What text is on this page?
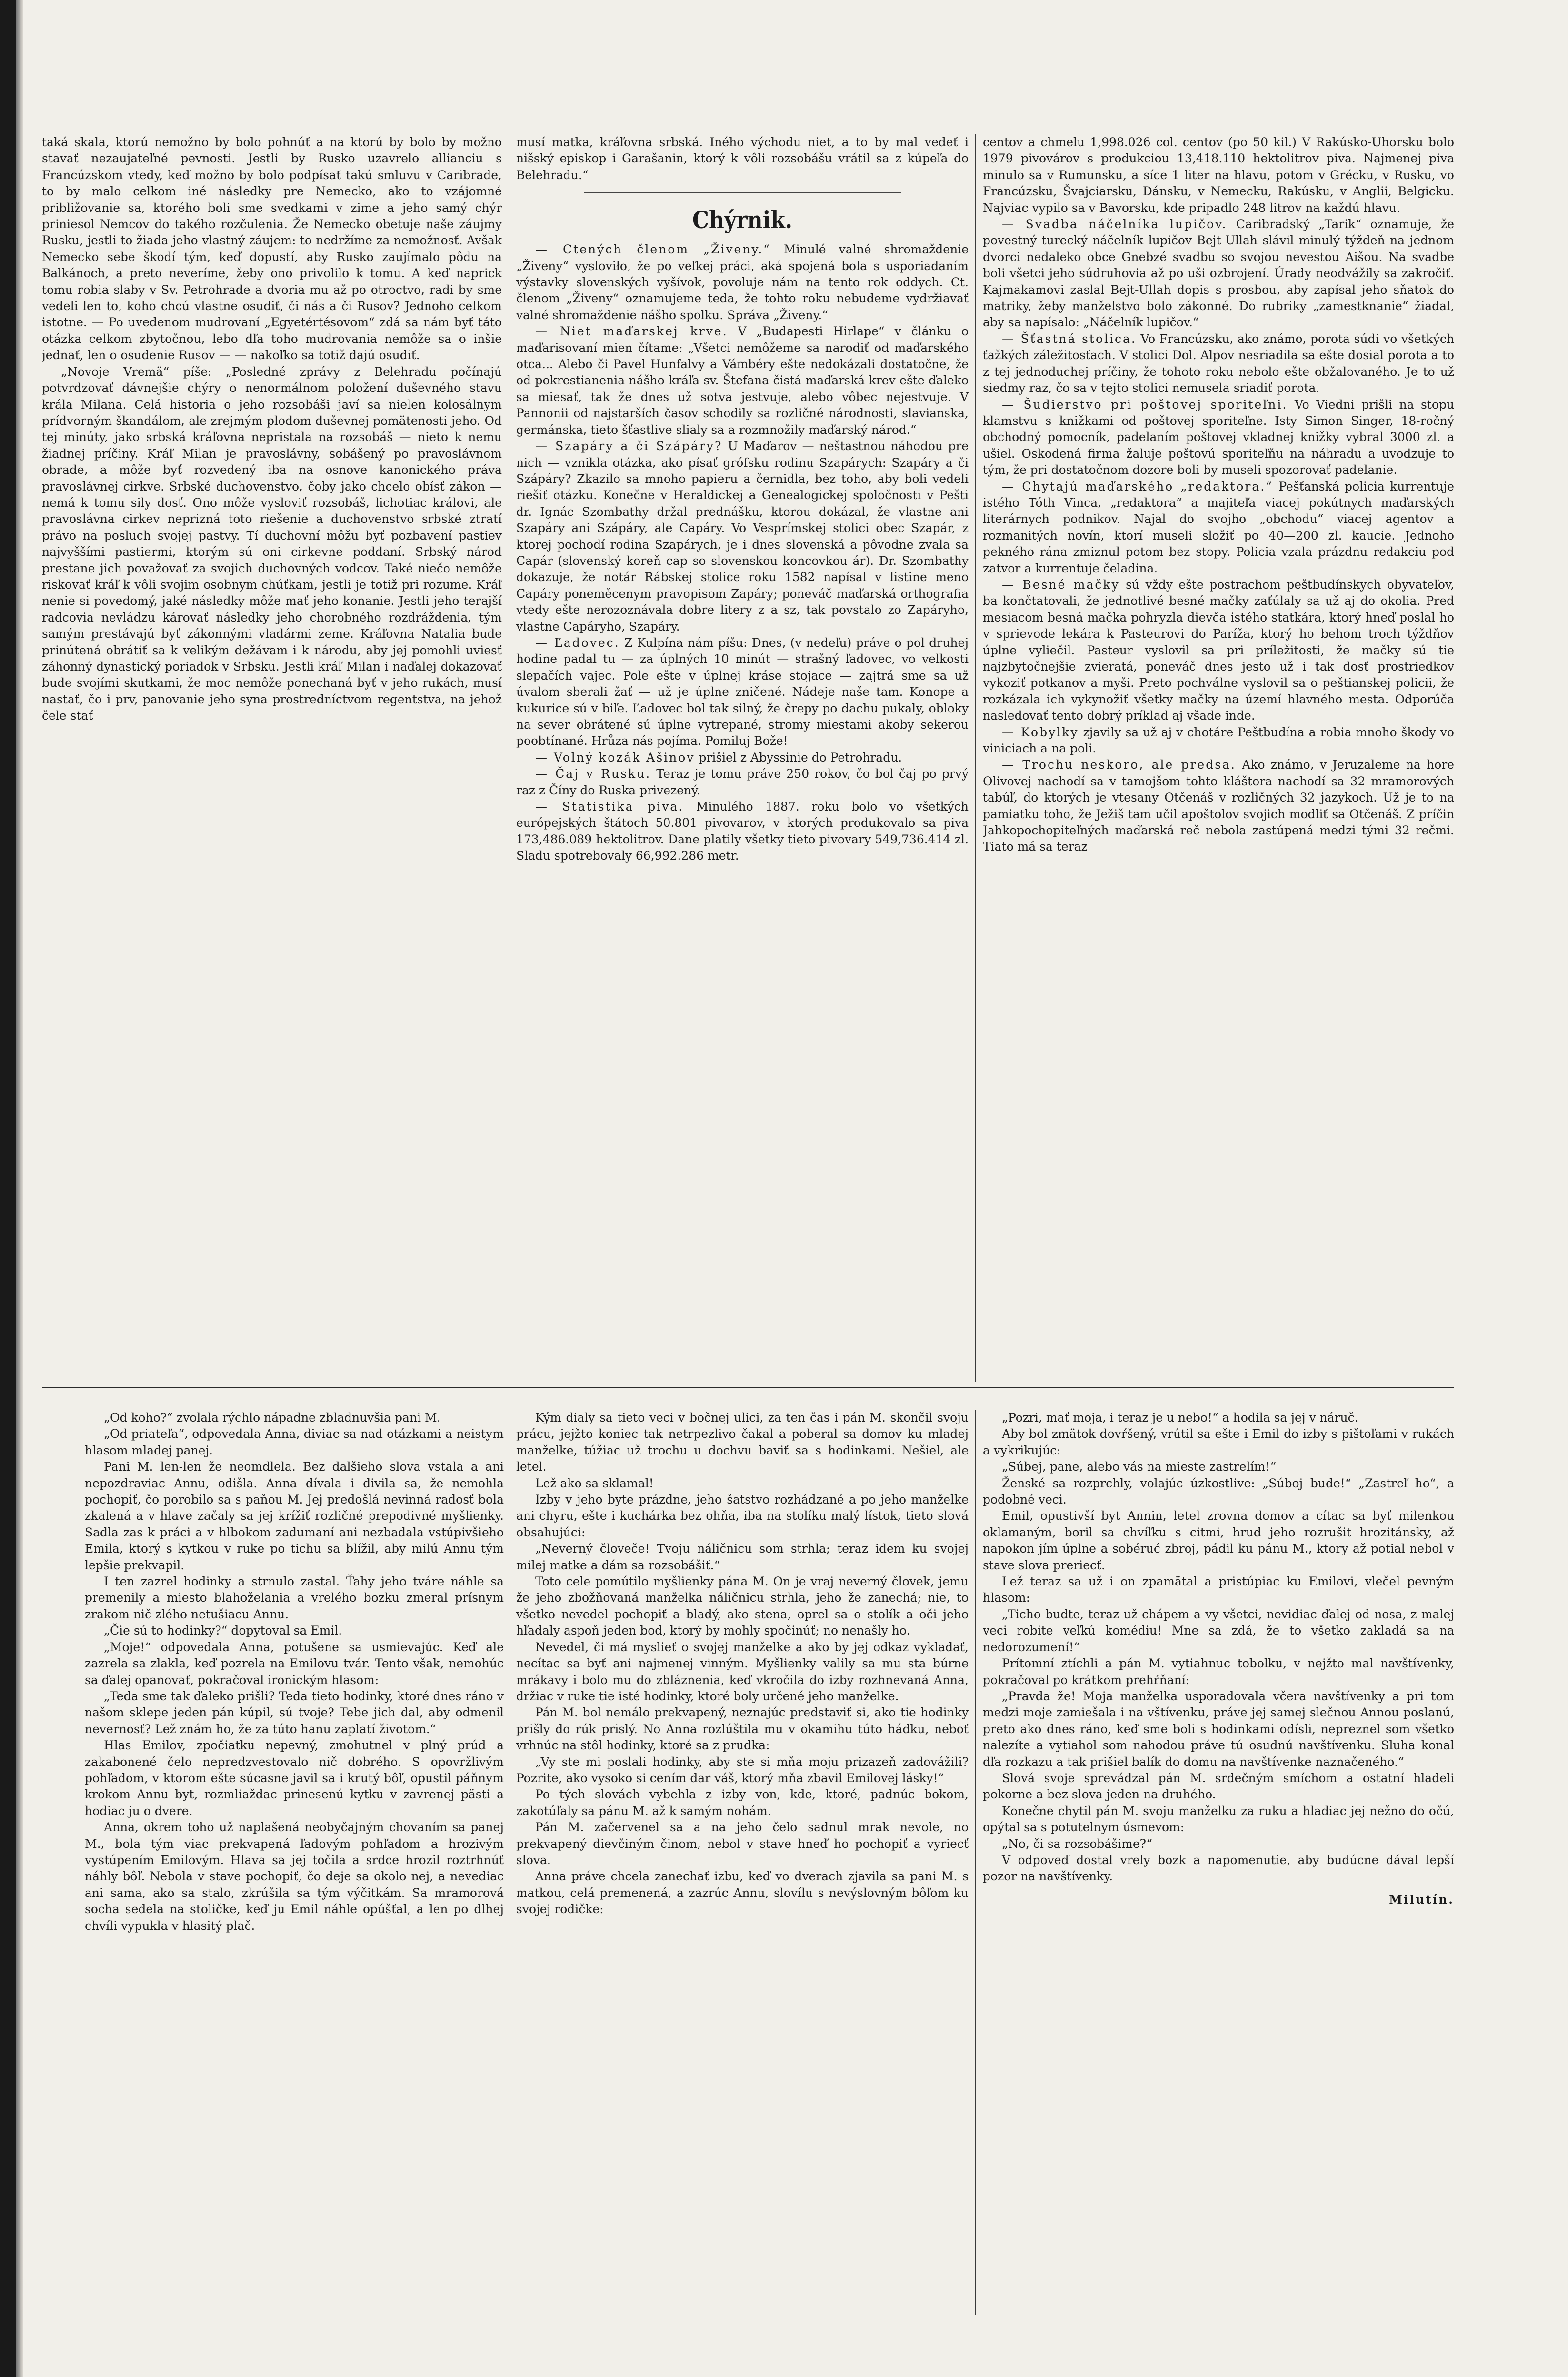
taká skala, ktorú nemožno by bolo pohnúť a na ktorú by bolo by možno stavať nezaujateľné pevnosti. Jestli by Rusko uzavrelo allianciu s Francúzskom vtedy, keď možno by bolo podpísať takú smluvu v Caribrade, to by malo celkom iné následky pre Nemecko, ako to vzájomné približovanie sa, ktorého boli sme svedkami v zime a jeho samý chýr priniesol Nemcov do takého rozčulenia. Že Nemecko obetuje naše záujmy Rusku, jestli to žiada jeho vlastný záujem: to nedržíme za nemožnosť. Avšak Nemecko sebe škodí tým, keď dopustí, aby Rusko zaujímalo pôdu na Balkánoch, a preto neveríme, žeby ono privolilo k tomu. A keď naprick tomu robia slaby v Sv. Petrohrade a dvoria mu až po otroctvo, radi by sme vedeli len to, koho chcú vlastne osudiť, či nás a či Rusov? Jednoho celkom istotne. — Po uvedenom mudrovaní „Egyetértésovom“ zdá sa nám byť táto otázka celkom zbytočnou, lebo dľa toho mudrovania nemôže sa o inšie jednať, len o osudenie Rusov — — nakoľko sa totiž dajú osudiť.

„Novoje Vremä“ píše: „Posledné zprávy z Belehradu počínajú potvrdzovať dávnejšie chýry o nenormálnom položení duševného stavu krála Milana. Celá historia o jeho rozsobáši javí sa nielen kolosálnym prídvorným škandálom, ale zrejmým plodom duševnej pomätenosti jeho. Od tej minúty, jako srbská kráľovna nepristala na rozsobáš — nieto k nemu žiadnej príčiny. Kráľ Milan je pravoslávny, sobášený po pravoslávnom obrade, a môže byť rozvedený iba na osnove kanonického práva pravoslávnej cirkve. Srbské duchovenstvo, čoby jako chcelo obísť zákon — nemá k tomu sily dosť. Ono môže vysloviť rozsobáš, lichotiac královi, ale pravoslávna cirkev neprizná toto riešenie a duchovenstvo srbské ztratí právo na posluch svojej pastvy. Tí duchovní môžu byť pozbavení pastiev najvyššími pastiermi, ktorým sú oni cirkevne poddaní. Srbský národ prestane jich považovať za svojich duchovných vodcov. Také niečo nemôže riskovať kráľ k vôli svojim osobnym chúťkam, jestli je totiž pri rozume. Kráľ nenie si povedomý, jaké následky môže mať jeho konanie. Jestli jeho terajší radcovia nevládzu károvať následky jeho chorobného rozdráždenia, tým samým prestávajú byť zákonnými vladármi zeme. Kráľovna Natalia bude prinútená obrátiť sa k velikým dežávam i k národu, aby jej pomohli uviesť záhonný dynastický poriadok v Srbsku. Jestli kráľ Milan i naďalej dokazovať bude svojími skutkami, že moc nemôže ponechaná byť v jeho rukách, musí nastať, čo i prv, panovanie jeho syna prostredníctvom regentstva, na jehož čele stať

musí matka, kráľovna srbská. Iného východu niet, a to by mal vedeť i nišský episkop i Garašanin, ktorý k vôli rozsobášu vrátil sa z kúpeľa do Belehradu.“

Chýrnik.

— Ctených členom „Živeny.“ Minulé valné shromaždenie „Živeny“ vysloviło, že po veľkej práci, aká spojená bola s usporiadaním výstavky slovenských vyšívok, povoluje nám na tento rok oddych. Ct. členom „Živeny“ oznamujeme teda, že tohto roku nebudeme vydržiavať valné shromaždenie nášho spolku. Správa „Živeny.“

— Niet maďarskej krve. V „Budapesti Hirlape“ v článku o maďarisovaní mien čítame: „Všetci nemôžeme sa narodiť od maďarského otca... Alebo či Pavel Hunfalvy a Vámbéry ešte nedokázali dostatočne, že od pokrestianenia nášho kráľa sv. Štefana čistá maďarská krev ešte ďaleko sa miesať, tak že dnes už sotva jestvuje, alebo vôbec nejestvuje. V Pannonii od najstarších časov schodily sa rozličné národnosti, slavianska, germánska, tieto šťastlive slialy sa a rozmnožily maďarský národ.“

— Szapáry a či Szápáry? U Maďarov — neštastnou náhodou pre nich — vznikla otázka, ako písať grófsku rodinu Szapárych: Szapáry a či Szápáry? Zkazilo sa mnoho papieru a černidla, bez toho, aby boli vedeli riešiť otázku. Konečne v Heraldickej a Genealogickej spoločnosti v Pešti dr. Ignác Szombathy držal prednášku, ktorou dokázal, že vlastne ani Szapáry ani Szápáry, ale Capáry. Vo Vesprímskej stolici obec Szapár, z ktorej pochodí rodina Szapárych, je i dnes slovenská a pôvodne zvala sa Capár (slovenský koreň cap so slovenskou koncovkou ár). Dr. Szombathy dokazuje, že notár Rábskej stolice roku 1582 napísal v listine meno Capáry poneměcenym pravopisom Zapáry; poneváč maďarská orthografia vtedy ešte nerozoznávala dobre litery z a sz, tak povstalo zo Zapáryho, vlastne Capáryho, Szapáry.

— Ľadovec. Z Kulpína nám píšu: Dnes, (v nedeľu) práve o pol druhej hodine padal tu — za úplných 10 minút — strašný ľadovec, vo velkosti slepačích vajec. Pole ešte v úplnej kráse stojace — zajtrá sme sa už úvalom sberali žať — už je úplne zničené. Nádeje naše tam. Konope a kukurice sú v biľe. Ľadovec bol tak silný, že črepy po dachu pukaly, obloky na sever obrátené sú úplne vytrepané, stromy miestami akoby sekerou poobtínané. Hrůza nás pojíma. Pomiluj Bože!

— Volný kozák Ašinov prišiel z Abyssinie do Petrohradu.

— Čaj v Rusku. Teraz je tomu práve 250 rokov, čo bol čaj po prvý raz z Číny do Ruska privezený.

— Statistika piva. Minulého 1887. roku bolo vo všetkých európejských štátoch 50.801 pivovarov, v ktorých produkovalo sa piva 173,486.089 hektolitrov. Dane platily všetky tieto pivovary 549,736.414 zl. Sladu spotrebovaly 66,992.286 metr.

centov a chmelu 1,998.026 col. centov (po 50 kil.) V Rakúsko-Uhorsku bolo 1979 pivovárov s produkciou 13,418.110 hektolitrov piva. Najmenej piva minulo sa v Rumunsku, a síce 1 liter na hlavu, potom v Grécku, v Rusku, vo Francúzsku, Švajciarsku, Dánsku, v Nemecku, Rakúsku, v Anglii, Belgicku. Najviac vypilo sa v Bavorsku, kde pripadlo 248 litrov na každú hlavu.

— Svadba náčelníka lupičov. Caribradský „Tarik“ oznamuje, že povestný turecký náčelník lupičov Bejt-Ullah slávil minulý týždeň na jednom dvorci nedaleko obce Gnebzé svadbu so svojou nevestou Aišou. Na svadbe boli všetci jeho súdruhovia až po uši ozbrojení. Úrady neodvážily sa zakročiť. Kajmakamovi zaslal Bejt-Ullah dopis s prosbou, aby zapísal jeho sňatok do matriky, žeby manželstvo bolo zákonné. Do rubriky „zamestknanie“ žiadal, aby sa napísalo: „Náčelník lupičov.“

— Šťastná stolica. Vo Francúzsku, ako známo, porota súdi vo všetkých ťažkých záležitosťach. V stolici Dol. Alpov nesriadila sa ešte dosial porota a to z tej jednoduchej príčiny, že tohoto roku nebolo ešte obžalovaného. Je to už siedmy raz, čo sa v tejto stolici nemusela sriadiť porota.

— Šudierstvo pri poštovej sporiteľni. Vo Viedni prišli na stopu klamstvu s knižkami od poštovej sporiteľne. Isty Simon Singer, 18-ročný obchodný pomocník, padelaním poštovej vkladnej knižky vybral 3000 zl. a ušiel. Oskodená firma žaluje poštovú sporiteľňu na náhradu a uvodzuje to tým, že pri dostatočnom dozore boli by museli spozorovať padelanie.

— Chytajú maďarského „redaktora.“ Pešťanská policia kurrentuje istého Tóth Vinca, „redaktora“ a majiteľa viacej pokútnych maďarských literárnych podnikov. Najal do svojho „obchodu“ viacej agentov a rozmanitých novín, ktorí museli složiť po 40—200 zl. kaucie. Jednoho pekného rána zmiznul potom bez stopy. Policia vzala prázdnu redakciu pod zatvor a kurrentuje čeladina.

— Besné mačky sú vždy ešte postrachom peštbudínskych obyvateľov, ba končtatovali, že jednotlivé besné mačky zaťúlaly sa už aj do okolia. Pred mesiacom besná mačka pohryzla dievča istého statkára, ktorý hneď poslal ho v sprievode lekára k Pasteurovi do Paríža, ktorý ho behom troch týždňov úplne vyliečil. Pasteur vyslovil sa pri príležitosti, že mačky sú tie najzbytočnejšie zvieratá, poneváč dnes jesto už i tak dosť prostriedkov vykoziť potkanov a myši. Preto pochválne vyslovil sa o peštianskej policii, že rozkázala ich vykynožiť všetky mačky na území hlavného mesta. Odporúča nasledovať tento dobrý príklad aj všade inde.

— Kobylky zjavily sa už aj v chotáre Peštbudína a robia mnoho škody vo viniciach a na poli.

— Trochu neskoro, ale predsa. Ako známo, v Jeruzaleme na hore Olivovej nachodí sa v tamojšom tohto kláštora nachodí sa 32 mramorových tabúľ, do ktorých je vtesany Otčenáš v rozličných 32 jazykoch. Už je to na pamiatku toho, že Ježiš tam učil apoštolov svojich modliť sa Otčenáš. Z príčin Jahkopochopiteľných maďarská reč nebola zastúpená medzi tými 32 rečmi. Tiato má sa teraz

„Od koho?“ zvolala rýchlo nápadne zbladnuvšia pani M.

„Od priateľa“, odpovedala Anna, diviac sa nad otázkami a neistym hlasom mladej panej.

Pani M. len-len že neomdlela. Bez dalšieho slova vstala a ani nepozdraviac Annu, odišla. Anna dívala i divila sa, že nemohla pochopiť, čo porobilo sa s paňou M. Jej predošlá nevinná radosť bola zkalená a v hlave začaly sa jej krížiť rozličné prepodivné myšlienky. Sadla zas k práci a v hlbokom zadumaní ani nezbadala vstúpivšieho Emila, ktorý s kytkou v ruke po tichu sa blížil, aby milú Annu tým lepšie prekvapil.

I ten zazrel hodinky a strnulo zastal. Ťahy jeho tváre náhle sa premenily a miesto blahoželania a vrelého bozku zmeral prísnym zrakom nič zlého netušiacu Annu.

„Čie sú to hodinky?“ dopytoval sa Emil.

„Moje!“ odpovedala Anna, potušene sa usmievajúc. Keď ale zazrela sa zlakla, keď pozrela na Emilovu tvár. Tento však, nemohúc sa ďalej opanovať, pokračoval ironickým hlasom:

„Teda sme tak ďaleko prišli? Teda tieto hodinky, ktoré dnes ráno v našom sklepe jeden pán kúpil, sú tvoje? Tebe jich dal, aby odmenil nevernosť? Lež znám ho, že za túto hanu zaplatí životom.“

Hlas Emilov, zpočiatku nepevný, zmohutnel v plný prúd a zakabonené čelo nepredzvestovalo nič dobrého. S opovržlivým pohľadom, v ktorom ešte súcasne javil sa i krutý bôľ, opustil páňnym krokom Annu byt, rozmliaždac prinesenú kytku v zavrenej pästi a hodiac ju o dvere.

Anna, okrem toho už naplašená neobyčajným chovaním sa panej M., bola tým viac prekvapená ľadovým pohľadom a hrozivým vystúpením Emilovým. Hlava sa jej točila a srdce hrozil roztrhnúť náhly bôľ. Nebola v stave pochopiť, čo deje sa okolo nej, a nevediac ani sama, ako sa stalo, zkrúšila sa tým výčitkám. Sa mramorová socha sedela na stoličke, keď ju Emil náhle opúšťal, a len po dlhej chvíli vypukla v hlasitý plač.

Kým dialy sa tieto veci v bočnej ulici, za ten čas i pán M. skončil svoju prácu, jejžto koniec tak netrpezlivo čakal a poberal sa domov ku mladej manželke, túžiac už trochu u dochvu baviť sa s hodinkami. Nešiel, ale letel.

Lež ako sa sklamal!

Izby v jeho byte prázdne, jeho šatstvo rozhádzané a po jeho manželke ani chyru, ešte i kuchárka bez ohňa, iba na stolíku malý lístok, tieto slová obsahujúci:

„Neverný človeče! Tvoju náličnicu som strhla; teraz idem ku svojej milej matke a dám sa rozsobášiť.“

Toto cele pomútilo myšlienky pána M. On je vraj neverný človek, jemu že jeho zbožňovaná manželka náličnicu strhla, jeho že zanechá; nie, to všetko nevedel pochopiť a bladý, ako stena, oprel sa o stolík a oči jeho hľadaly aspoň jeden bod, ktorý by mohly spočinúť; no nenašly ho.

Nevedel, či má myslieť o svojej manželke a ako by jej odkaz vykladať, necítac sa byť ani najmenej vinným. Myšlienky valily sa mu sta búrne mrákavy i bolo mu do zbláznenia, keď vkročila do izby rozhnevaná Anna, držiac v ruke tie isté hodinky, ktoré boly určené jeho manželke.

Pán M. bol nemálo prekvapený, neznajúc predstaviť si, ako tie hodinky prišly do rúk prislý. No Anna rozlúštila mu v okamihu túto hádku, neboť vrhnúc na stôl hodinky, ktoré sa z prudka:

„Vy ste mi poslali hodinky, aby ste si mňa moju prizazeň zadovážili? Pozrite, ako vysoko si cením dar váš, ktorý mňa zbavil Emilovej lásky!“

Po tých slovách vybehla z izby von, kde, ktoré, padnúc bokom, zakotúľaly sa pánu M. až k samým nohám.

Pán M. začervenel sa a na jeho čelo sadnul mrak nevole, no prekvapený dievčiným činom, nebol v stave hneď ho pochopiť a vyriecť slova.

Anna práve chcela zanechať izbu, keď vo dverach zjavila sa pani M. s matkou, celá premenená, a zazrúc Annu, slovílu s nevýslovným bôľom ku svojej rodičke:

„Pozri, mať moja, i teraz je u nebo!“ a hodila sa jej v náruč.

Aby bol zmätok dovŕšený, vrútil sa ešte i Emil do izby s pištoľami v rukách a vykrikujúc:

„Súbej, pane, alebo vás na mieste zastrelím!“

Ženské sa rozprchly, volajúc úzkostlive: „Súboj bude!“ „Zastreľ ho“, a podobné veci.

Emil, opustivší byt Annin, letel zrovna domov a cítac sa byť milenkou oklamaným, boril sa chvíľku s citmi, hrud jeho rozrušit hrozitánsky, až napokon jím úplne a sobéruć zbroj, pádil ku pánu M., ktory až potial nebol v stave slova preriecť.

Lež teraz sa už i on zpamätal a pristúpiac ku Emilovi, vlečel pevným hlasom:

„Ticho budte, teraz už chápem a vy všetci, nevidiac ďalej od nosa, z malej veci robite veľkú komédiu! Mne sa zdá, že to všetko zakladá sa na nedorozumení!“

Prítomní ztíchli a pán M. vytiahnuc tobolku, v nejžto mal navštívenky, pokračoval po krátkom prehŕňaní:

„Pravda že! Moja manželka usporadovala včera navštívenky a pri tom medzi moje zamiešala i na vštívenku, práve jej samej slečnou Annou poslanú, preto ako dnes ráno, keď sme boli s hodinkami odísli, nepreznel som všetko nalezíte a vytiahol som nahodou práve tú osudnú navštívenku. Sluha konal dľa rozkazu a tak prišiel balík do domu na navštívenke naznačeného.“

Slová svoje sprevádzal pán M. srdečným smíchom a ostatní hladeli pokorne a bez slova jeden na druhého.

Konečne chytil pán M. svoju manželku za ruku a hladiac jej nežno do očú, opýtal sa s potutelnym úsmevom:

„No, či sa rozsobášime?“

V odpoveď dostal vrely bozk a napomenutie, aby budúcne dával lepší pozor na navštívenky.

Milutín.
